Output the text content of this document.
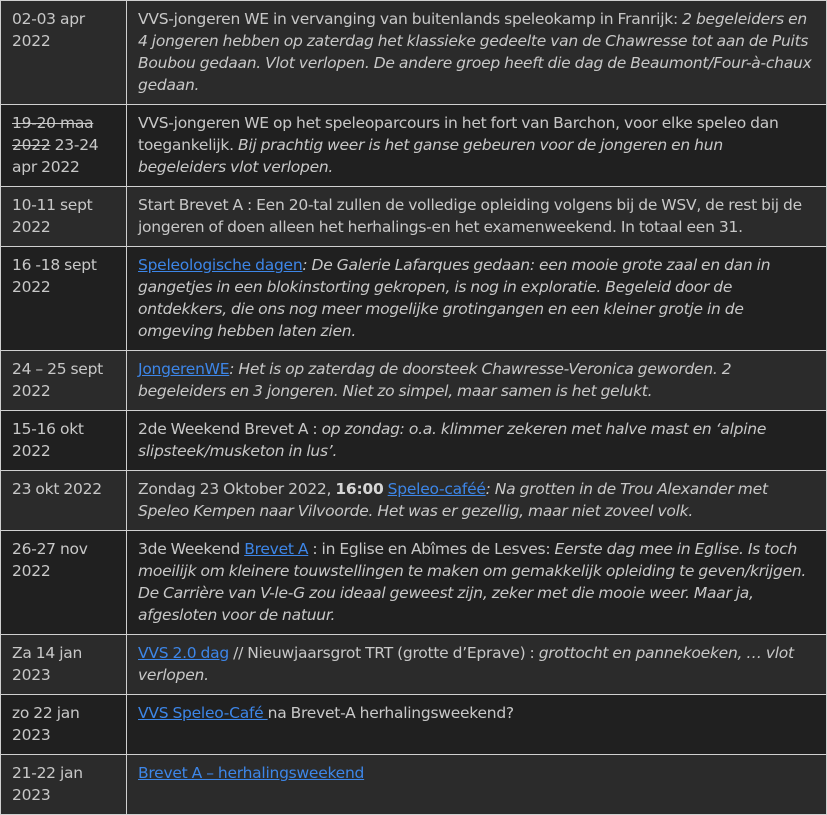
02-03 apr 2022	VVS-jongeren WE in vervanging van buitenlands speleokamp in Franrijk: 2 begeleiders en 4 jongeren hebben op zaterdag het klassieke gedeelte van de Chawresse tot aan de Puits Boubou gedaan. Vlot verlopen. De andere groep heeft die dag de Beaumont/Four-à-chaux gedaan.
19-20 maa 2022 23-24 apr 2022	VVS-jongeren WE op het speleoparcours in het fort van Barchon, voor elke speleo dan toegankelijk. Bij prachtig weer is het ganse gebeuren voor de jongeren en hun begeleiders vlot verlopen.
10-11 sept 2022	Start Brevet A : Een 20-tal zullen de volledige opleiding volgens bij de WSV, de rest bij de jongeren of doen alleen het herhalings-en het examenweekend. In totaal een 31.
16 -18 sept 2022	Speleologische dagen: De Galerie Lafarques gedaan: een mooie grote zaal en dan in gangetjes in een blokinstorting gekropen, is nog in exploratie. Begeleid door de ontdekkers, die ons nog meer mogelijke grotingangen en een kleiner grotje in de omgeving hebben laten zien.
24 – 25 sept 2022	JongerenWE: Het is op zaterdag de doorsteek Chawresse-Veronica geworden. 2 begeleiders en 3 jongeren. Niet zo simpel, maar samen is het gelukt.
15-16 okt 2022	2de Weekend Brevet A : op zondag: o.a. klimmer zekeren met halve mast en ‘alpine slipsteek/musketon in lus’.
23 okt 2022	Zondag 23 Oktober 2022, 16:00 Speleo-caféé: Na grotten in de Trou Alexander met Speleo Kempen naar Vilvoorde. Het was er gezellig, maar niet zoveel volk.
26-27 nov 2022	3de Weekend Brevet A : in Eglise en Abîmes de Lesves: Eerste dag mee in Eglise. Is toch moeilijk om kleinere touwstellingen te maken om gemakkelijk opleiding te geven/krijgen. De Carrière van V-le-G zou ideaal geweest zijn, zeker met die mooie weer. Maar ja, afgesloten voor de natuur.
Za 14 jan 2023	VVS 2.0 dag // Nieuwjaarsgrot TRT (grotte d’Eprave) : grottocht en pannekoeken, … vlot verlopen.
zo 22 jan 2023	VVS Speleo-Café na Brevet-A herhalingsweekend?
21-22 jan 2023	Brevet A – herhalingsweekend
